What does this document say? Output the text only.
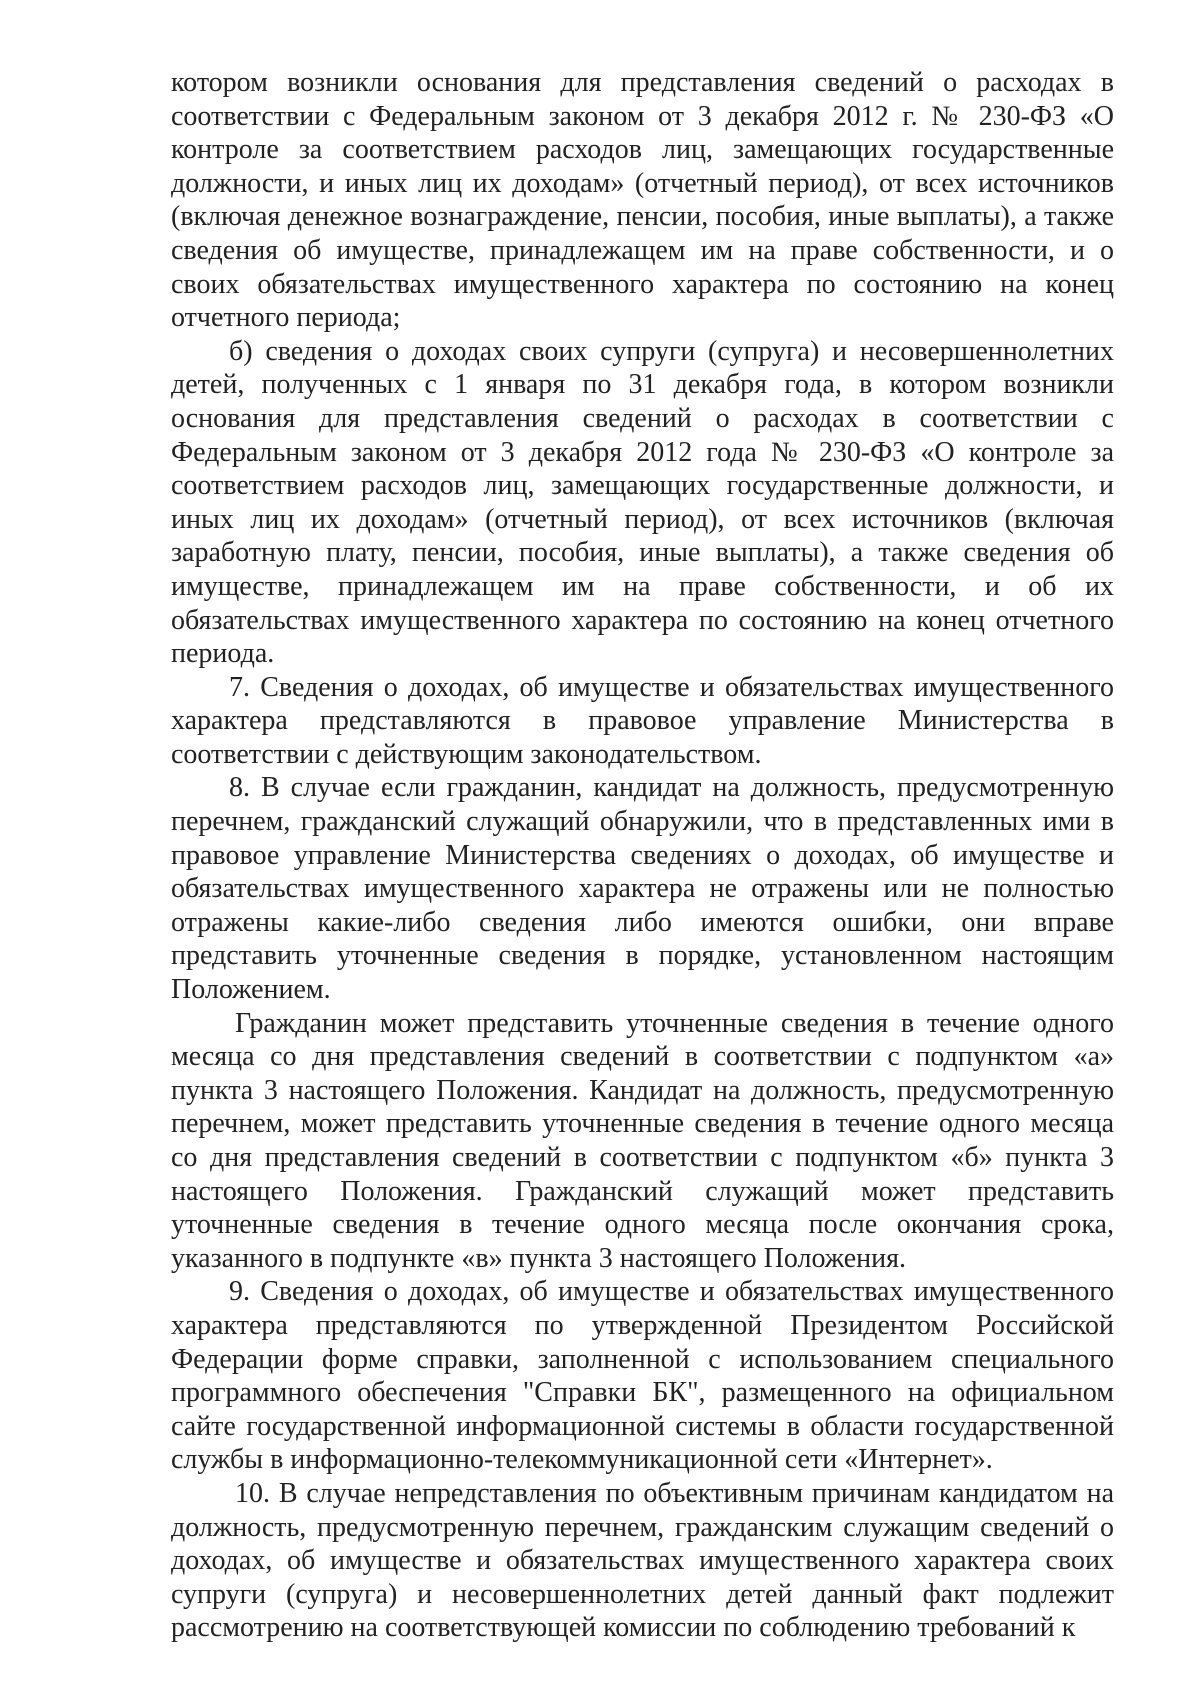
котором возникли основания для представления сведений о расходах в соответствии с Федеральным законом от 3 декабря 2012 г. № 230-ФЗ «О контроле за соответствием расходов лиц, замещающих государственные должности, и иных лиц их доходам» (отчетный период), от всех источников (включая денежное вознаграждение, пенсии, пособия, иные выплаты), а также сведения об имуществе, принадлежащем им на праве собственности, и о своих обязательствах имущественного характера по состоянию на конец отчетного периода;

б) сведения о доходах своих супруги (супруга) и несовершеннолетних детей, полученных с 1 января по 31 декабря года, в котором возникли основания для представления сведений о расходах в соответствии с Федеральным законом от 3 декабря 2012 года № 230-ФЗ «О контроле за соответствием расходов лиц, замещающих государственные должности, и иных лиц их доходам» (отчетный период), от всех источников (включая заработную плату, пенсии, пособия, иные выплаты), а также сведения об имуществе, принадлежащем им на праве собственности, и об их обязательствах имущественного характера по состоянию на конец отчетного периода.

7. Сведения о доходах, об имуществе и обязательствах имущественного характера представляются в правовое управление Министерства в соответствии с действующим законодательством.

8. В случае если гражданин, кандидат на должность, предусмотренную перечнем, гражданский служащий обнаружили, что в представленных ими в правовое управление Министерства сведениях о доходах, об имуществе и обязательствах имущественного характера не отражены или не полностью отражены какие-либо сведения либо имеются ошибки, они вправе представить уточненные сведения в порядке, установленном настоящим Положением.

Гражданин может представить уточненные сведения в течение одного месяца со дня представления сведений в соответствии с подпунктом «а» пункта 3 настоящего Положения. Кандидат на должность, предусмотренную перечнем, может представить уточненные сведения в течение одного месяца со дня представления сведений в соответствии с подпунктом «б» пункта 3 настоящего Положения. Гражданский служащий может представить уточненные сведения в течение одного месяца после окончания срока, указанного в подпункте «в» пункта 3 настоящего Положения.

9. Сведения о доходах, об имуществе и обязательствах имущественного характера представляются по утвержденной Президентом Российской Федерации форме справки, заполненной с использованием специального программного обеспечения "Справки БК", размещенного на официальном сайте государственной информационной системы в области государственной службы в информационно-телекоммуникационной сети «Интернет».

10. В случае непредставления по объективным причинам кандидатом на должность, предусмотренную перечнем, гражданским служащим сведений о доходах, об имуществе и обязательствах имущественного характера своих супруги (супруга) и несовершеннолетних детей данный факт подлежит рассмотрению на соответствующей комиссии по соблюдению требований к
